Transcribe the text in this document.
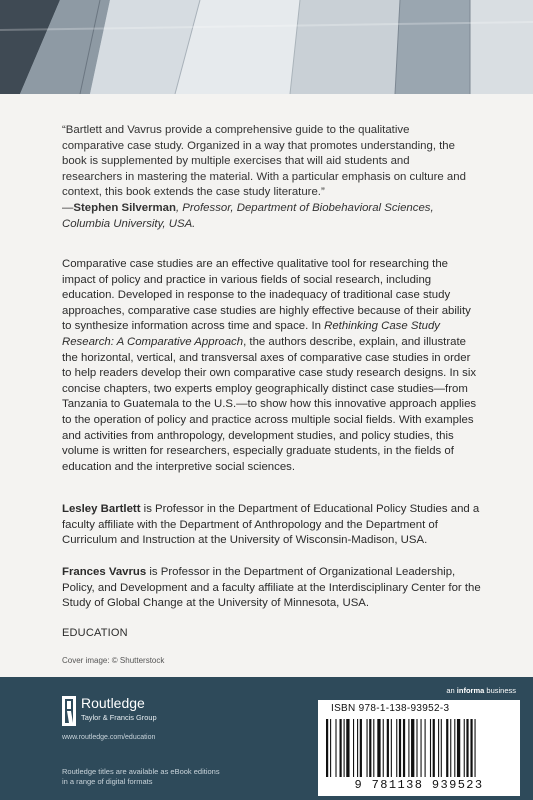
“Bartlett and Vavrus provide a comprehensive guide to the qualitative comparative case study. Organized in a way that promotes understanding, the book is supplemented by multiple exercises that will aid students and researchers in mastering the material. With a particular emphasis on culture and context, this book extends the case study literature.”
—Stephen Silverman, Professor, Department of Biobehavioral Sciences, Columbia University, USA.
Comparative case studies are an effective qualitative tool for researching the impact of policy and practice in various fields of social research, including education. Developed in response to the inadequacy of traditional case study approaches, comparative case studies are highly effective because of their ability to synthesize information across time and space. In Rethinking Case Study Research: A Comparative Approach, the authors describe, explain, and illustrate the horizontal, vertical, and transversal axes of comparative case studies in order to help readers develop their own comparative case study research designs. In six concise chapters, two experts employ geographically distinct case studies—from Tanzania to Guatemala to the U.S.—to show how this innovative approach applies to the operation of policy and practice across multiple social fields. With examples and activities from anthropology, development studies, and policy studies, this volume is written for researchers, especially graduate students, in the fields of education and the interpretive social sciences.
Lesley Bartlett is Professor in the Department of Educational Policy Studies and a faculty affiliate with the Department of Anthropology and the Department of Curriculum and Instruction at the University of Wisconsin-Madison, USA.
Frances Vavrus is Professor in the Department of Organizational Leadership, Policy, and Development and a faculty affiliate at the Interdisciplinary Center for the Study of Global Change at the University of Minnesota, USA.
EDUCATION
Cover image: © Shutterstock
an informa business
Routledge
Taylor & Francis Group
www.routledge.com/education
Routledge titles are available as eBook editions in a range of digital formats
ISBN 978-1-138-93952-3
9 781138 939523
